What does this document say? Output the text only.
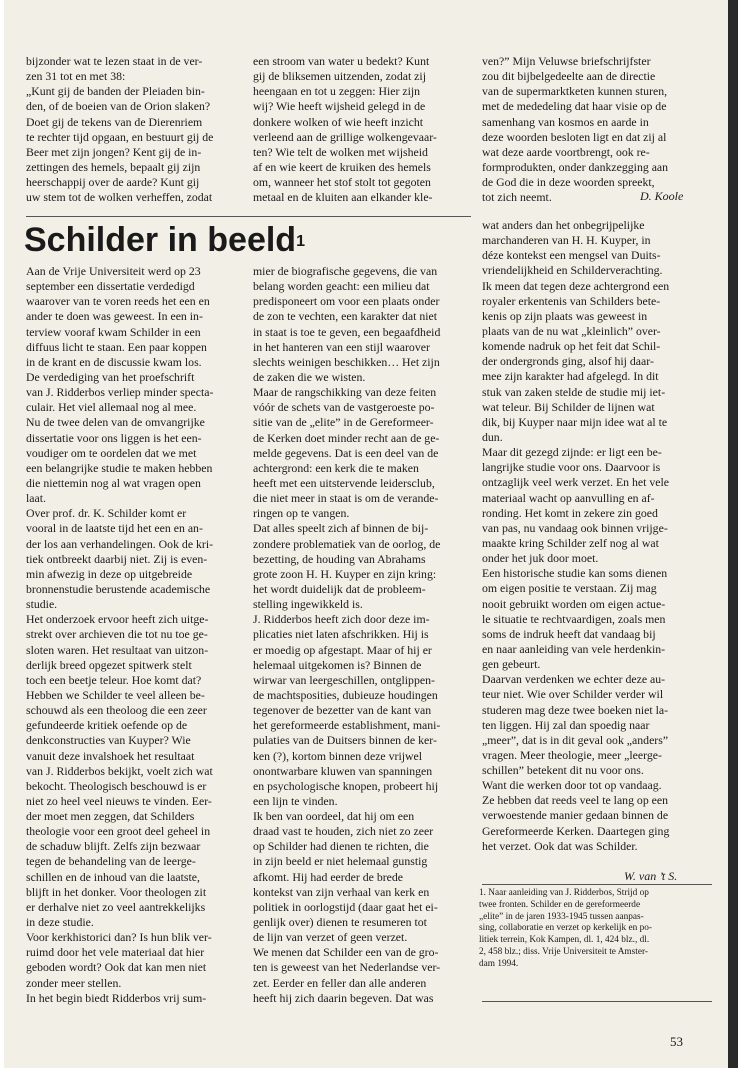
bijzonder wat te lezen staat in de ver-
zen 31 tot en met 38:
„Kunt gij de banden der Pleiaden bin-
den, of de boeien van de Orion slaken?
Doet gij de tekens van de Dierenriem
te rechter tijd opgaan, en bestuurt gij de
Beer met zijn jongen? Kent gij de in-
zettingen des hemels, bepaalt gij zijn
heerschappij over de aarde? Kunt gij
uw stem tot de wolken verheffen, zodat
een stroom van water u bedekt? Kunt
gij de bliksemen uitzenden, zodat zij
heengaan en tot u zeggen: Hier zijn
wij? Wie heeft wijsheid gelegd in de
donkere wolken of wie heeft inzicht
verleend aan de grillige wolkengevaar-
ten? Wie telt de wolken met wijsheid
af en wie keert de kruiken des hemels
om, wanneer het stof stolt tot gegoten
metaal en de kluiten aan elkander kle-
ven?” Mijn Veluwse briefschrijfster
zou dit bijbelgedeelte aan de directie
van de supermarktketen kunnen sturen,
met de mededeling dat haar visie op de
samenhang van kosmos en aarde in
deze woorden besloten ligt en dat zij al
wat deze aarde voortbrengt, ook re-
formprodukten, onder dankzegging aan
de God die in deze woorden spreekt,
tot zich neemt.	D. Koole
Schilder in beeld$^1$
Aan de Vrije Universiteit werd op 23
september een dissertatie verdedigd
waarover van te voren reeds het een en
ander te doen was geweest. In een in-
terview vooraf kwam Schilder in een
diffuus licht te staan. Een paar koppen
in de krant en de discussie kwam los.
De verdediging van het proefschrift
van J. Ridderbos verliep minder specta-
culair. Het viel allemaal nog al mee.
Nu de twee delen van de omvangrijke
dissertatie voor ons liggen is het een-
voudiger om te oordelen dat we met
een belangrijke studie te maken hebben
die niettemin nog al wat vragen open
laat.
Over prof. dr. K. Schilder komt er
vooral in de laatste tijd het een en an-
der los aan verhandelingen. Ook de kri-
tiek ontbreekt daarbij niet. Zij is even-
min afwezig in deze op uitgebreide
bronnenstudie berustende academische
studie.
Het onderzoek ervoor heeft zich uitge-
strekt over archieven die tot nu toe ge-
sloten waren. Het resultaat van uitzon-
derlijk breed opgezet spitwerk stelt
toch een beetje teleur. Hoe komt dat?
Hebben we Schilder te veel alleen be-
schouwd als een theoloog die een zeer
gefundeerde kritiek oefende op de
denkconstructies van Kuyper? Wie
vanuit deze invalshoek het resultaat
van J. Ridderbos bekijkt, voelt zich wat
bekocht. Theologisch beschouwd is er
niet zo heel veel nieuws te vinden. Eer-
der moet men zeggen, dat Schilders
theologie voor een groot deel geheel in
de schaduw blijft. Zelfs zijn bezwaar
tegen de behandeling van de leerge-
schillen en de inhoud van die laatste,
blijft in het donker. Voor theologen zit
er derhalve niet zo veel aantrekkelijks
in deze studie.
Voor kerkhistorici dan? Is hun blik ver-
ruimd door het vele materiaal dat hier
geboden wordt? Ook dat kan men niet
zonder meer stellen.
In het begin biedt Ridderbos vrij sum-
mier de biografische gegevens, die van
belang worden geacht: een milieu dat
predisponeert om voor een plaats onder
de zon te vechten, een karakter dat niet
in staat is toe te geven, een begaafdheid
in het hanteren van een stijl waarover
slechts weinigen beschikken… Het zijn
de zaken die we wisten.
Maar de rangschikking van deze feiten
vóór de schets van de vastgeroeste po-
sitie van de „elite” in de Gereformeer-
de Kerken doet minder recht aan de ge-
melde gegevens. Dat is een deel van de
achtergrond: een kerk die te maken
heeft met een uitstervende leidersclub,
die niet meer in staat is om de verande-
ringen op te vangen.
Dat alles speelt zich af binnen de bij-
zondere problematiek van de oorlog, de
bezetting, de houding van Abrahams
grote zoon H. H. Kuyper en zijn kring:
het wordt duidelijk dat de probleem-
stelling ingewikkeld is.
J. Ridderbos heeft zich door deze im-
plicaties niet laten afschrikken. Hij is
er moedig op afgestapt. Maar of hij er
helemaal uitgekomen is? Binnen de
wirwar van leergeschillen, ontglippen-
de machtsposities, dubieuze houdingen
tegenover de bezetter van de kant van
het gereformeerde establishment, mani-
pulaties van de Duitsers binnen de ker-
ken (?), kortom binnen deze vrijwel
onontwarbare kluwen van spanningen
en psychologische knopen, probeert hij
een lijn te vinden.
Ik ben van oordeel, dat hij om een
draad vast te houden, zich niet zo zeer
op Schilder had dienen te richten, die
in zijn beeld er niet helemaal gunstig
afkomt. Hij had eerder de brede
kontekst van zijn verhaal van kerk en
politiek in oorlogstijd (daar gaat het ei-
genlijk over) dienen te resumeren tot
de lijn van verzet of geen verzet.
We menen dat Schilder een van de gro-
ten is geweest van het Nederlandse ver-
zet. Eerder en feller dan alle anderen
heeft hij zich daarin begeven. Dat was
wat anders dan het onbegrijpelijke
marchanderen van H. H. Kuyper, in
déze kontekst een mengsel van Duits-
vriendelijkheid en Schilderverachting.
Ik meen dat tegen deze achtergrond een
royaler erkentenis van Schilders bete-
kenis op zijn plaats was geweest in
plaats van de nu wat „kleinlich” over-
komende nadruk op het feit dat Schil-
der ondergronds ging, alsof hij daar-
mee zijn karakter had afgelegd. In dit
stuk van zaken stelde de studie mij iet-
wat teleur. Bij Schilder de lijnen wat
dik, bij Kuyper naar mijn idee wat al te
dun.
Maar dit gezegd zijnde: er ligt een be-
langrijke studie voor ons. Daarvoor is
ontzaglijk veel werk verzet. En het vele
materiaal wacht op aanvulling en af-
ronding. Het komt in zekere zin goed
van pas, nu vandaag ook binnen vrijge-
maakte kring Schilder zelf nog al wat
onder het juk door moet.
Een historische studie kan soms dienen
om eigen positie te verstaan. Zij mag
nooit gebruikt worden om eigen actue-
le situatie te rechtvaardigen, zoals men
soms de indruk heeft dat vandaag bij
en naar aanleiding van vele herdenkin-
gen gebeurt.
Daarvan verdenken we echter deze au-
teur niet. Wie over Schilder verder wil
studeren mag deze twee boeken niet la-
ten liggen. Hij zal dan spoedig naar
„meer”, dat is in dit geval ook „anders”
vragen. Meer theologie, meer „leerge-
schillen” betekent dit nu voor ons.
Want die werken door tot op vandaag.
Ze hebben dat reeds veel te lang op een
verwoestende manier gedaan binnen de
Gereformeerde Kerken. Daartegen ging
het verzet. Ook dat was Schilder.
W. van ’t S.
1. Naar aanleiding van J. Ridderbos, Strijd op
twee fronten. Schilder en de gereformeerde
„elite” in de jaren 1933-1945 tussen aanpas-
sing, collaboratie en verzet op kerkelijk en po-
litiek terrein, Kok Kampen, dl. 1, 424 blz., dl.
2, 458 blz.; diss. Vrije Universiteit te Amster-
dam 1994.
53
